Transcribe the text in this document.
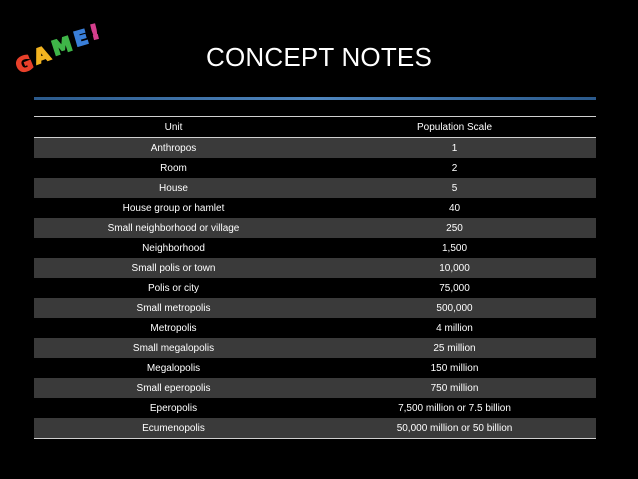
G
A
M
E
!
CONCEPT NOTES
Unit	Population Scale
Anthropos	1
Room	2
House	5
House group or hamlet	40
Small neighborhood or village	250
Neighborhood	1,500
Small polis or town	10,000
Polis or city	75,000
Small metropolis	500,000
Metropolis	4 million
Small megalopolis	25 million
Megalopolis	150 million
Small eperopolis	750 million
Eperopolis	7,500 million or 7.5 billion
Ecumenopolis	50,000 million or 50 billion
